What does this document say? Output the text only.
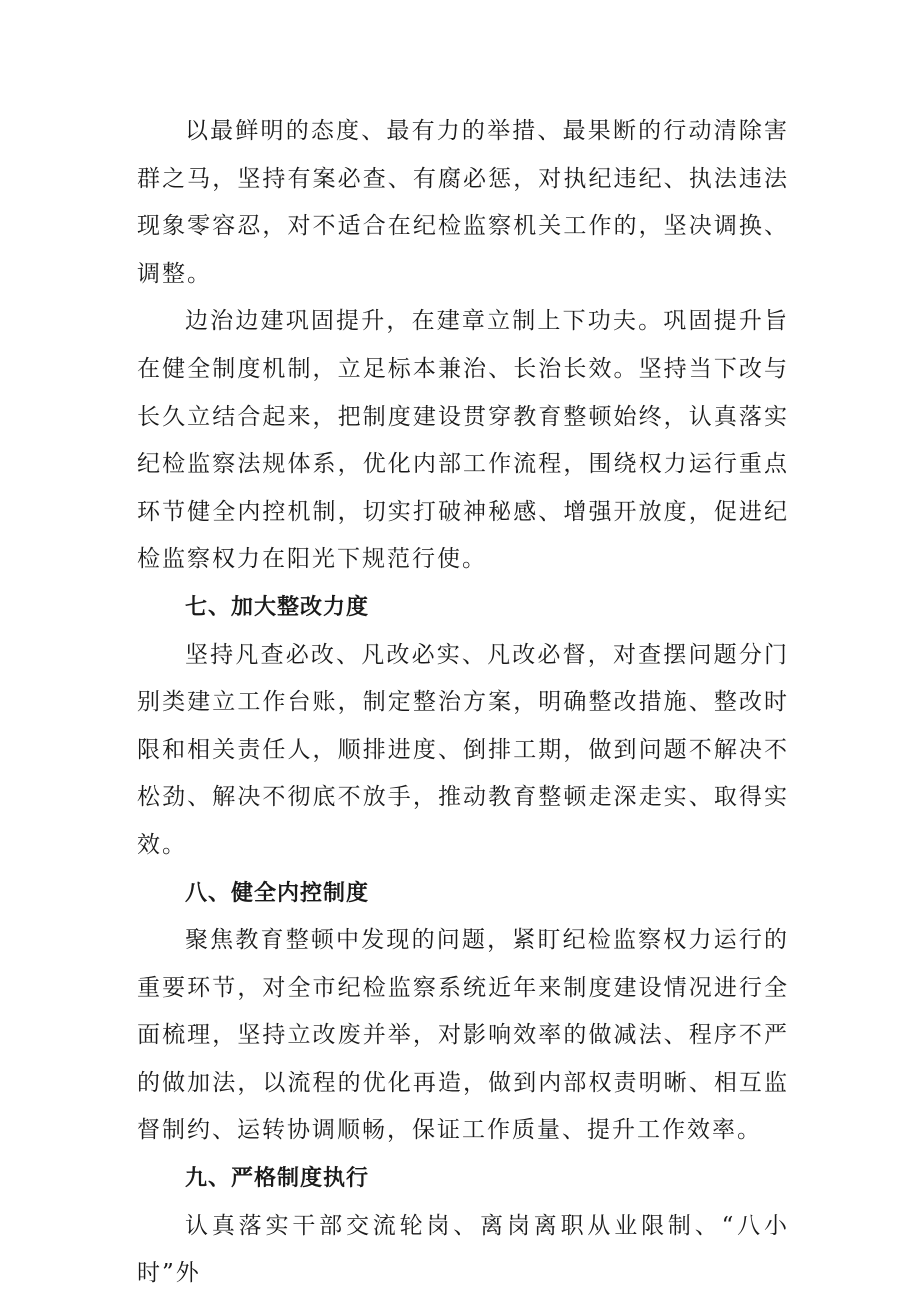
以最鲜明的态度、最有力的举措、最果断的行动清除害群之马，坚持有案必查、有腐必惩，对执纪违纪、执法违法现象零容忍，对不适合在纪检监察机关工作的，坚决调换、调整。

边治边建巩固提升，在建章立制上下功夫。巩固提升旨在健全制度机制，立足标本兼治、长治长效。坚持当下改与长久立结合起来，把制度建设贯穿教育整顿始终，认真落实纪检监察法规体系，优化内部工作流程，围绕权力运行重点环节健全内控机制，切实打破神秘感、增强开放度，促进纪检监察权力在阳光下规范行使。

七、加大整改力度

坚持凡查必改、凡改必实、凡改必督，对查摆问题分门别类建立工作台账，制定整治方案，明确整改措施、整改时限和相关责任人，顺排进度、倒排工期，做到问题不解决不松劲、解决不彻底不放手，推动教育整顿走深走实、取得实效。

八、健全内控制度

聚焦教育整顿中发现的问题，紧盯纪检监察权力运行的重要环节，对全市纪检监察系统近年来制度建设情况进行全面梳理，坚持立改废并举，对影响效率的做减法、程序不严的做加法，以流程的优化再造，做到内部权责明晰、相互监督制约、运转协调顺畅，保证工作质量、提升工作效率。

九、严格制度执行

认真落实干部交流轮岗、离岗离职从业限制、“八小时”外
